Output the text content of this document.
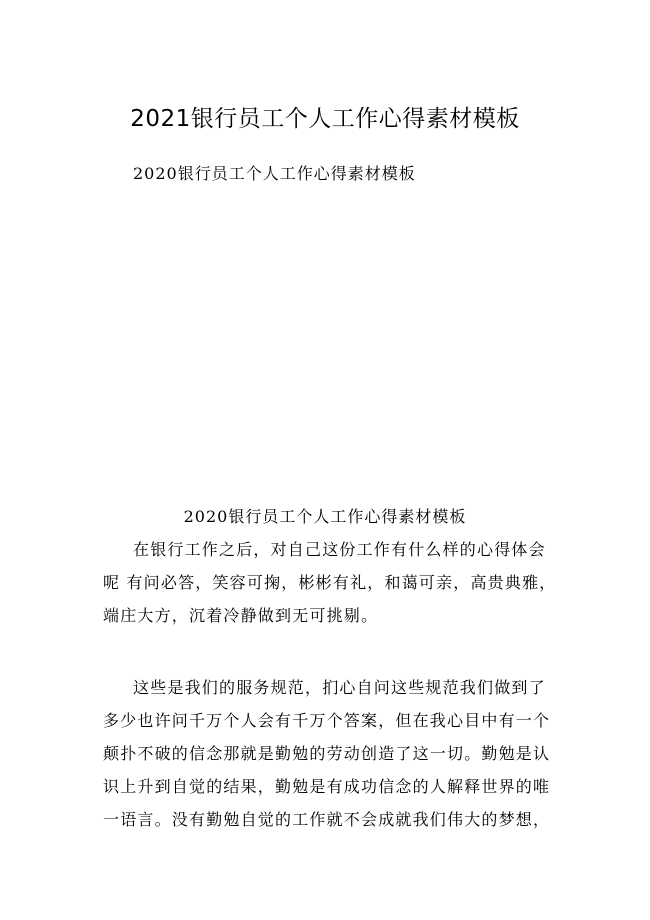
2021银行员工个人工作心得素材模板

2020银行员工个人工作心得素材模板

2020银行员工个人工作心得素材模板

在银行工作之后，对自己这份工作有什么样的心得体会

呢 有问必答，笑容可掬，彬彬有礼，和蔼可亲，高贵典雅，

端庄大方，沉着冷静做到无可挑剔。

这些是我们的服务规范，扪心自问这些规范我们做到了

多少也许问千万个人会有千万个答案，但在我心目中有一个

颠扑不破的信念那就是勤勉的劳动创造了这一切。勤勉是认

识上升到自觉的结果，勤勉是有成功信念的人解释世界的唯

一语言。没有勤勉自觉的工作就不会成就我们伟大的梦想，
